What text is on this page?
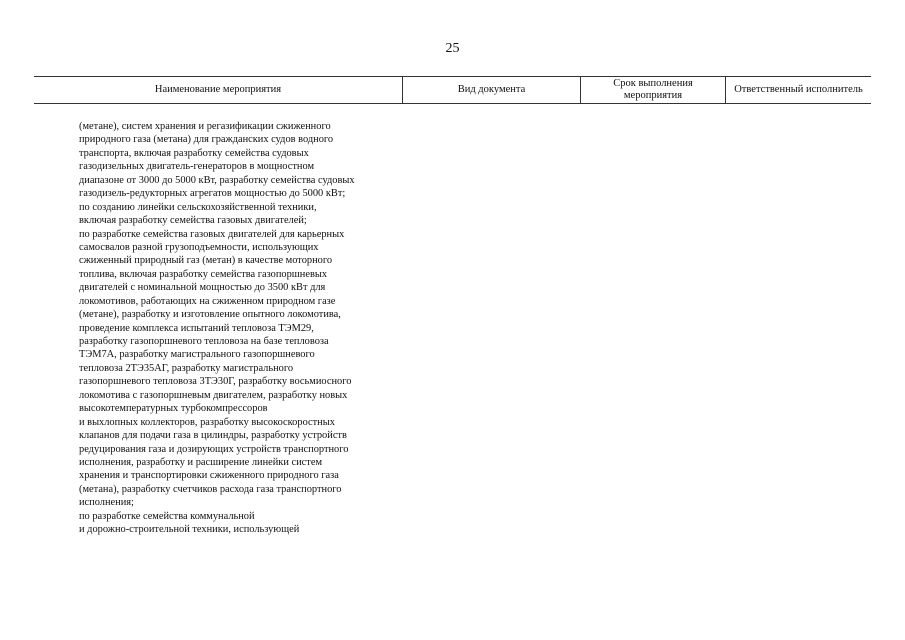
25
Наименование мероприятия	Вид документа
Срок выполнения мероприятия
Ответственный исполнитель
(метане), систем хранения и регазификации сжиженного
природного газа (метана) для гражданских судов водного
транспорта, включая разработку семейства судовых
газодизельных двигатель-генераторов в мощностном
диапазоне от 3000 до 5000 кВт, разработку семейства судовых
газодизель-редукторных агрегатов мощностью до 5000 кВт;
по созданию линейки сельскохозяйственной техники,
включая разработку семейства газовых двигателей;
по разработке семейства газовых двигателей для карьерных
самосвалов разной грузоподъемности, использующих
сжиженный природный газ (метан) в качестве моторного
топлива, включая разработку семейства газопоршневых
двигателей с номинальной мощностью до 3500 кВт для
локомотивов, работающих на сжиженном природном газе
(метане), разработку и изготовление опытного локомотива,
проведение комплекса испытаний тепловоза ТЭМ29,
разработку газопоршневого тепловоза на базе тепловоза
ТЭМ7А, разработку магистрального газопоршневого
тепловоза 2ТЭ35АГ, разработку магистрального
газопоршневого тепловоза 3ТЭ30Г, разработку восьмиосного
локомотива с газопоршневым двигателем, разработку новых
высокотемпературных турбокомпрессоров
и выхлопных коллекторов, разработку высокоскоростных
клапанов для подачи газа в цилиндры, разработку устройств
редуцирования газа и дозирующих устройств транспортного
исполнения, разработку и расширение линейки систем
хранения и транспортировки сжиженного природного газа
(метана), разработку счетчиков расхода газа транспортного
исполнения;
по разработке семейства коммунальной
и дорожно-строительной техники, использующей
